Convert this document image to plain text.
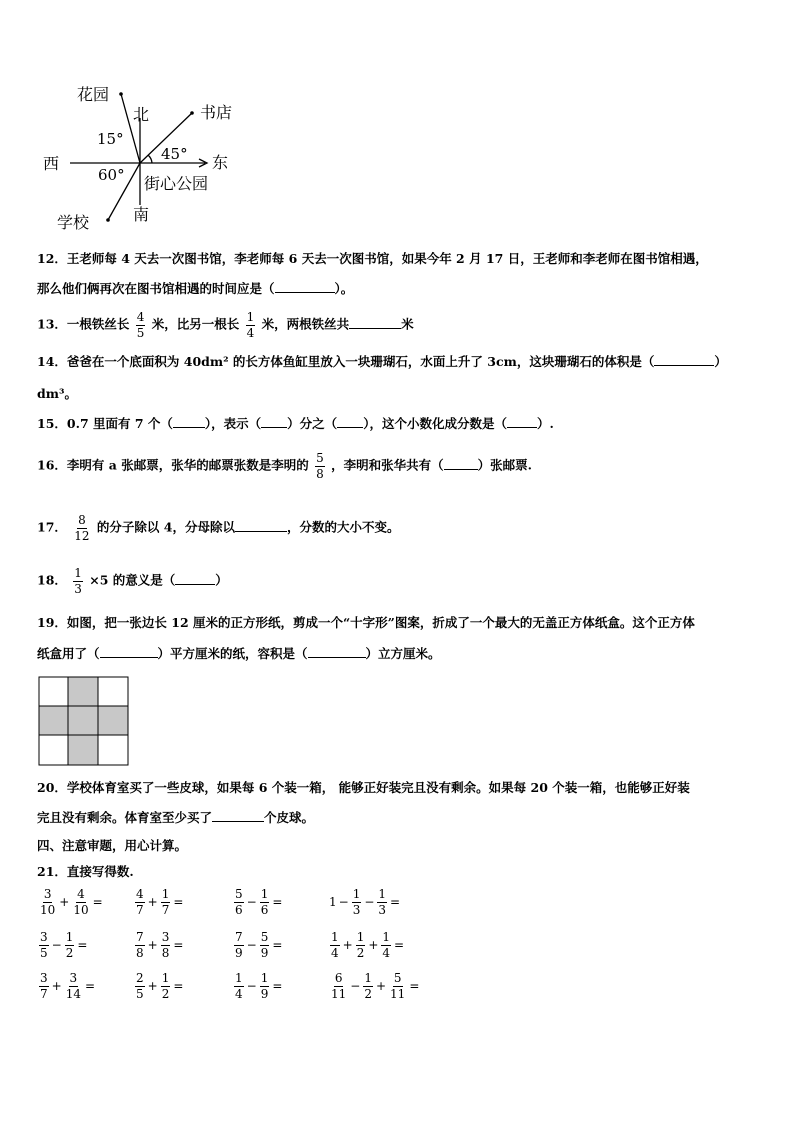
花园
北	书店
西	东
南
学校
街心公园
15°
45°
60°
12．王老师每 4 天去一次图书馆，李老师每 6 天去一次图书馆，如果今年 2 月 17 日，王老师和李老师在图书馆相遇，
那么他们俩再次在图书馆相遇的时间应是（	）。
13．一根铁丝长 $\frac{4}{5}$ 米，比另一根长 $\frac{1}{4}$ 米，两根铁丝共	米
14．爸爸在一个底面积为 40dm² 的长方体鱼缸里放入一块珊瑚石，水面上升了 3cm，这块珊瑚石的体积是（	）
dm³。
15．0.7 里面有 7 个（	），表示（ ）分之（ ），这个小数化成分数是（ ）.
16．李明有 a 张邮票，张华的邮票张数是李明的 $\frac{5}{8}$ ，李明和张华共有（	）张邮票.
17． $\frac{8}{12}$ 的分子除以 4，分母除以	，分数的大小不变。
18． $\frac{1}{3} \times 5$ 的意义是（	）
19．如图，把一张边长 12 厘米的正方形纸，剪成一个“十字形”图案，折成了一个最大的无盖正方体纸盒。这个正方体
纸盒用了（	）平方厘米的纸，容积是（	）立方厘米。
20．学校体育室买了一些皮球，如果每 6 个装一箱， 能够正好装完且没有剩余。如果每 20 个装一箱，也能够正好装
完且没有剩余。体育室至少买了	个皮球。
四、注意审题，用心计算。
21．直接写得数.
$\frac{3}{10} + \frac{4}{10}$ =	$\frac{4}{7} + \frac{1}{7}$ =	$\frac{5}{6} - \frac{1}{6}$ =	$1 - \frac{1}{3} - \frac{1}{3}$ =
$\frac{3}{5} - \frac{1}{2}$ =	$\frac{7}{8} + \frac{3}{8}$ =	$\frac{7}{9} - \frac{5}{9}$ =	$\frac{1}{4} + \frac{1}{2} + \frac{1}{4}$ =
$\frac{3}{7} + \frac{3}{14}$ =	$\frac{2}{5} + \frac{1}{2}$ =	$\frac{1}{4} - \frac{1}{9}$ =	$\frac{6}{11} - \frac{1}{2} + \frac{5}{11}$ =
